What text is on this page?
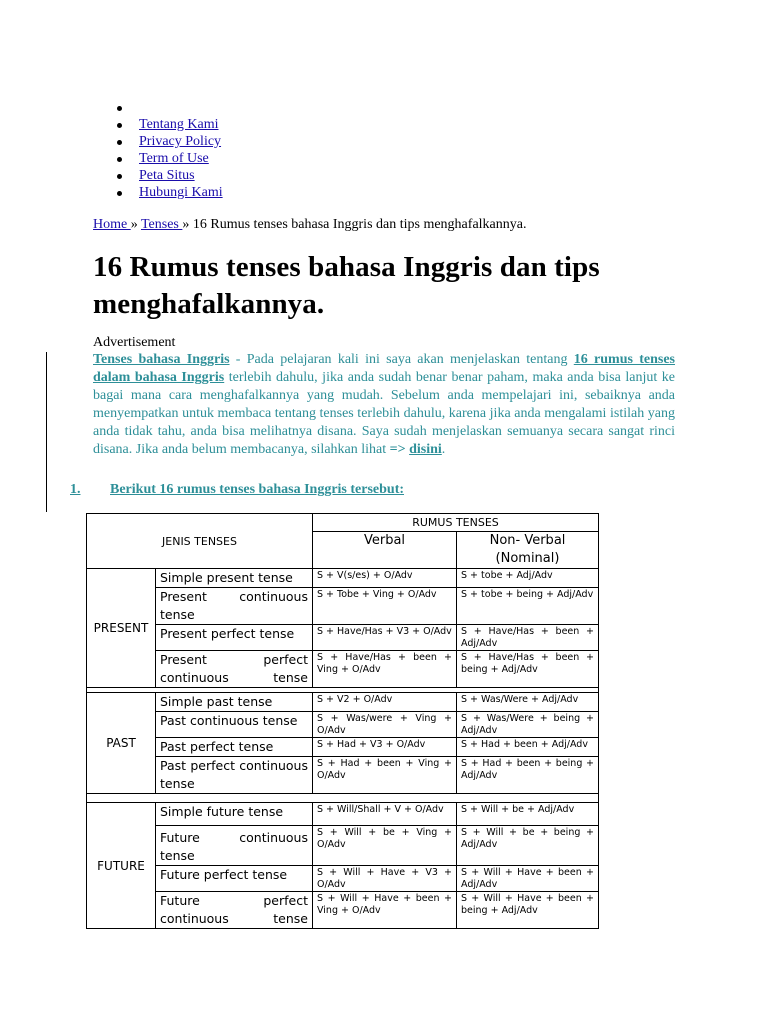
Tentang Kami
Privacy Policy
Term of Use
Peta Situs
Hubungi Kami
Home » Tenses » 16 Rumus tenses bahasa Inggris dan tips menghafalkannya.
16 Rumus tenses bahasa Inggris dan tips menghafalkannya.
Advertisement

Tenses bahasa Inggris - Pada pelajaran kali ini saya akan menjelaskan tentang 16 rumus tenses dalam bahasa Inggris terlebih dahulu, jika anda sudah benar benar paham, maka anda bisa lanjut ke bagai mana cara menghafalkannya yang mudah. Sebelum anda mempelajari ini, sebaiknya anda menyempatkan untuk membaca tentang tenses terlebih dahulu, karena jika anda mengalami istilah yang anda tidak tahu, anda bisa melihatnya disana. Saya sudah menjelaskan semuanya secara sangat rinci disana. Jika anda belum membacanya, silahkan lihat => disini.

1. Berikut 16 rumus tenses bahasa Inggris tersebut:
JENIS TENSES		RUMUS TENSES	
		Verbal	Non- Verbal (Nominal)
PRESENT	Simple present tense	S + V(s/es) + O/Adv	S + tobe + Adj/Adv
	Present continuous tense	S + Tobe + Ving + O/Adv	S + tobe + being + Adj/Adv
	Present perfect tense	S + Have/Has + V3 + O/Adv	S + Have/Has + been + Adj/Adv
	Present perfect continuous tense	S + Have/Has + been + Ving + O/Adv	S + Have/Has + been + being + Adj/Adv

PAST	Simple past tense	S + V2 + O/Adv	S + Was/Were + Adj/Adv
	Past continuous tense	S + Was/were + Ving + O/Adv	S + Was/Were + being + Adj/Adv
	Past perfect tense	S + Had + V3 + O/Adv	S + Had + been + Adj/Adv
	Past perfect continuous tense	S + Had + been + Ving + O/Adv	S + Had + been + being + Adj/Adv

FUTURE	Simple future tense	S + Will/Shall + V + O/Adv	S + Will + be + Adj/Adv
	Future continuous tense	S + Will + be + Ving + O/Adv	S + Will + be + being + Adj/Adv
	Future perfect tense	S + Will + Have + V3 + O/Adv	S + Will + Have + been + Adj/Adv
	Future perfect continuous tense	S + Will + Have + been + Ving + O/Adv	S + Will + Have + been + being + Adj/Adv
